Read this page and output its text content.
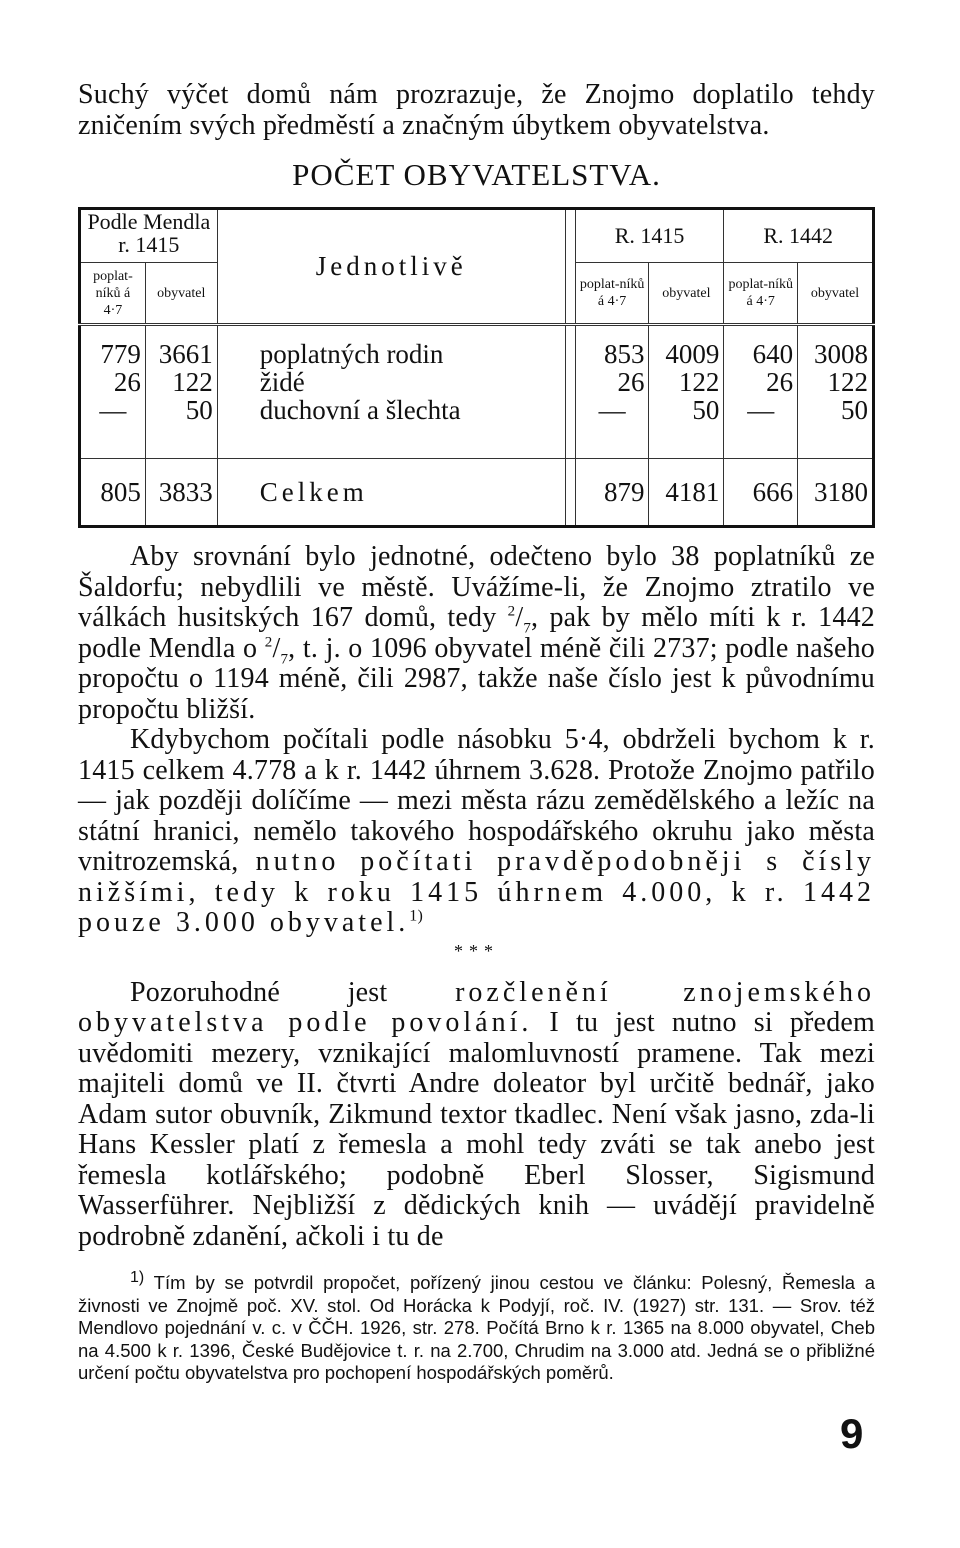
Suchý výčet domů nám prozrazuje, že Znojmo doplatilo tehdy zničením svých předměstí a značným úbytkem obyvatelstva.

POČET OBYVATELSTVA.
Podle Mendla r. 1415		Jednotlivě		R. 1415		R. 1442	
poplat-níků á 4·7	obyvatel			poplat-níků á 4·7	obyvatel	poplat-níků á 4·7	obyvatel

779	3661	poplatných rodin		853	4009	640	3008
26	122	židé		26	122	26	122
—	50	duchovní a šlechta		—	50	—	50

805	3833	Celkem		879	4181	666	3180

Aby srovnání bylo jednotné, odečteno bylo 38 poplatníků ze Šaldorfu; nebydlili ve městě. Uvážíme-li, že Znojmo ztratilo ve válkách husitských 167 domů, tedy $^2/_7$, pak by mělo míti k r. 1442 podle Mendla o $^2/_7$, t. j. o 1096 obyvatel méně čili 2737; podle našeho propočtu o 1194 méně, čili 2987, takže naše číslo jest k původnímu propočtu bližší.

Kdybychom počítali podle násobku 5·4, obdrželi bychom k r. 1415 celkem 4.778 a k r. 1442 úhrnem 3.628. Protože Znojmo patřilo — jak později dolíčíme — mezi města rázu zemědělského a ležíc na státní hranici, nemělo takového hospodářského okruhu jako města vnitrozemská, nutno počítati pravděpodobněji s čísly nižšími, tedy k roku 1415 úhrnem 4.000, k r. 1442 pouze 3.000 obyvatel.$^{1)}$

***

Pozoruhodné jest rozčlenění znojemského obyvatelstva podle povolání. I tu jest nutno si předem uvědomiti mezery, vznikající malomluvností pramene. Tak mezi majiteli domů ve II. čtvrti Andre doleator byl určitě bednář, jako Adam sutor obuvník, Zikmund textor tkadlec. Není však jasno, zda-li Hans Kessler platí z řemesla a mohl tedy zváti se tak anebo jest řemesla kotlářského; podobně Eberl Slosser, Sigismund Wasserführer. Nejbližší z dědických knih — uvádějí pravidelně podrobně zdanění, ačkoli i tu de

$^{1)}$ Tím by se potvrdil propočet, pořízený jinou cestou ve článku: Polesný, Řemesla a živnosti ve Znojmě poč. XV. stol. Od Horácka k Podyjí, roč. IV. (1927) str. 131. — Srov. též Mendlovo pojednání v. c. v ČČH. 1926, str. 278. Počítá Brno k r. 1365 na 8.000 obyvatel, Cheb na 4.500 k r. 1396, České Budějovice t. r. na 2.700, Chrudim na 3.000 atd. Jedná se o přibližné určení počtu obyvatelstva pro pochopení hospodářských poměrů.

9
